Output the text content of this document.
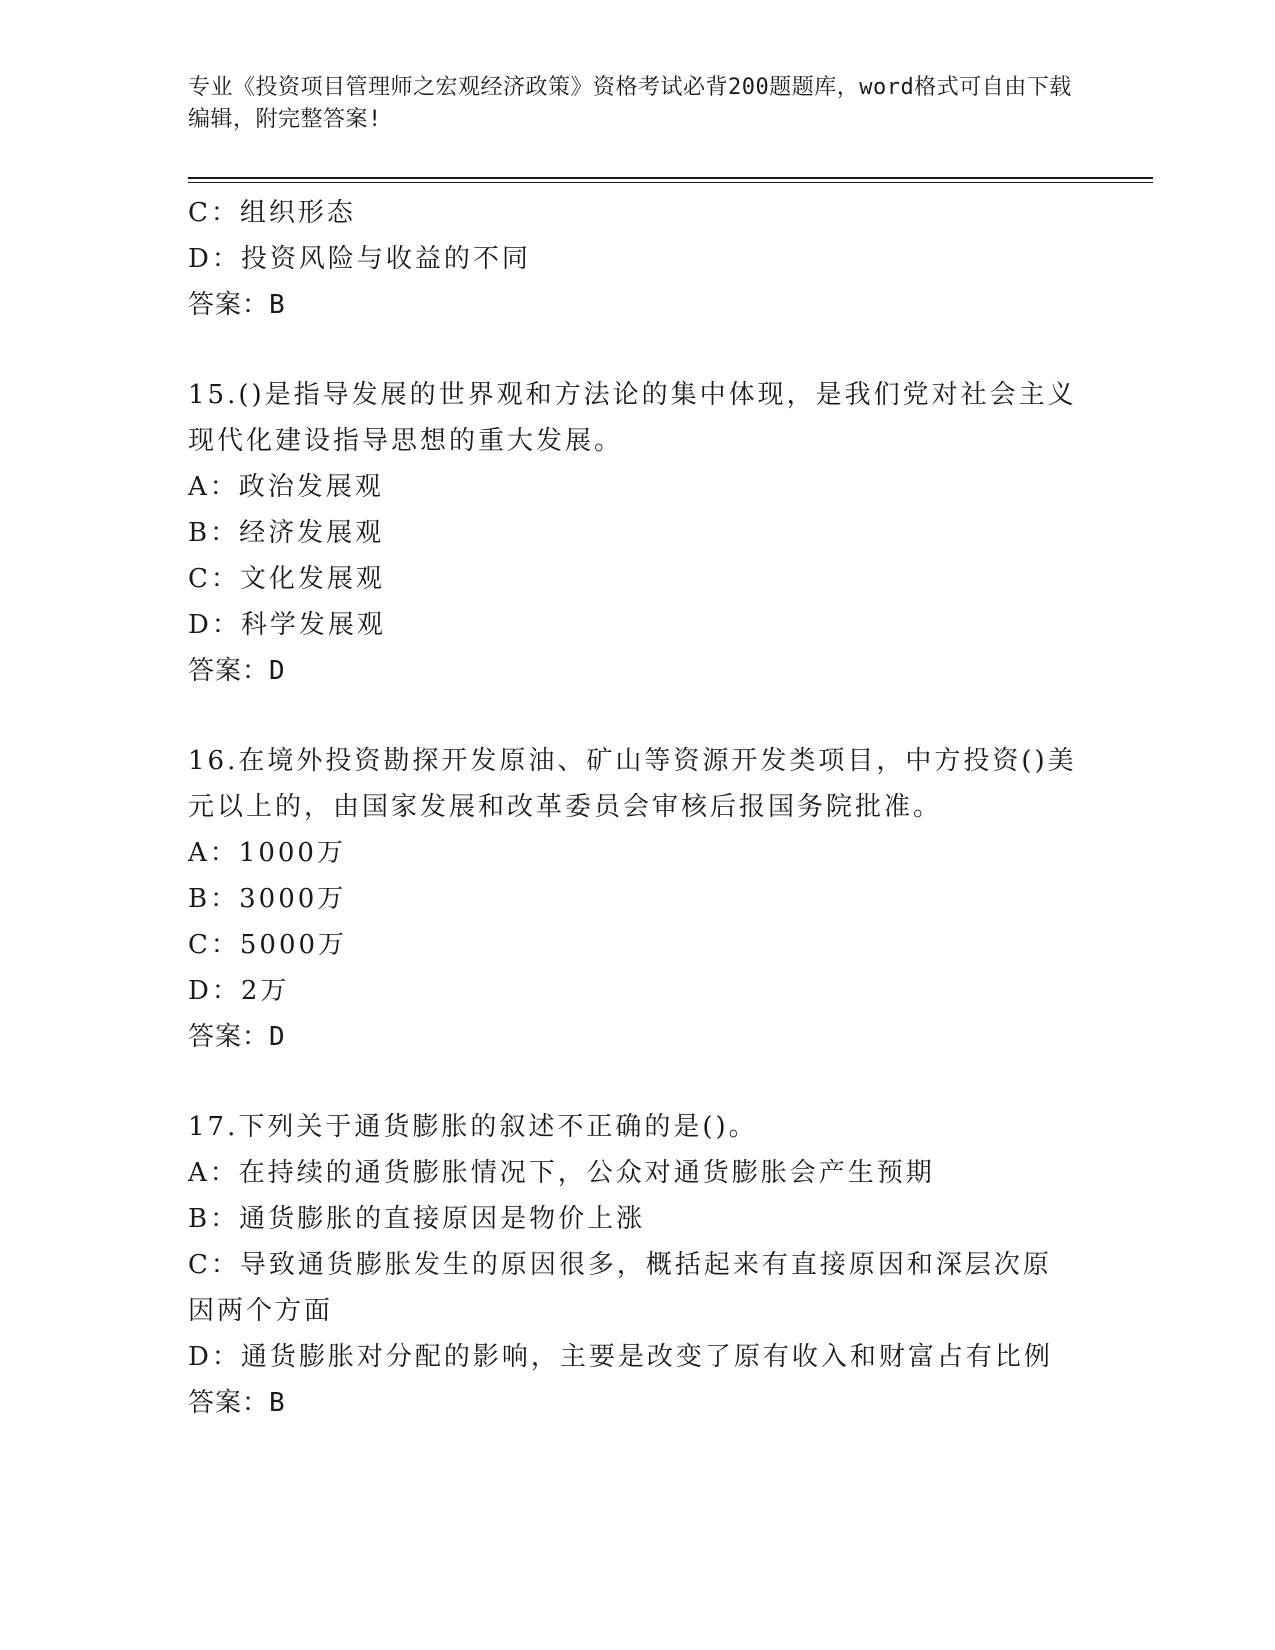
专业《投资项目管理师之宏观经济政策》资格考试必背200题题库，word格式可自由下载编辑，附完整答案!
C：组织形态
D：投资风险与收益的不同
答案：B
15.()是指导发展的世界观和方法论的集中体现，是我们党对社会主义现代化建设指导思想的重大发展。
A：政治发展观
B：经济发展观
C：文化发展观
D：科学发展观
答案：D
16.在境外投资勘探开发原油、矿山等资源开发类项目，中方投资()美元以上的，由国家发展和改革委员会审核后报国务院批准。
A：1000万
B：3000万
C：5000万
D：2万
答案：D
17.下列关于通货膨胀的叙述不正确的是()。
A：在持续的通货膨胀情况下，公众对通货膨胀会产生预期
B：通货膨胀的直接原因是物价上涨
C：导致通货膨胀发生的原因很多，概括起来有直接原因和深层次原因两个方面
D：通货膨胀对分配的影响，主要是改变了原有收入和财富占有比例
答案：B
